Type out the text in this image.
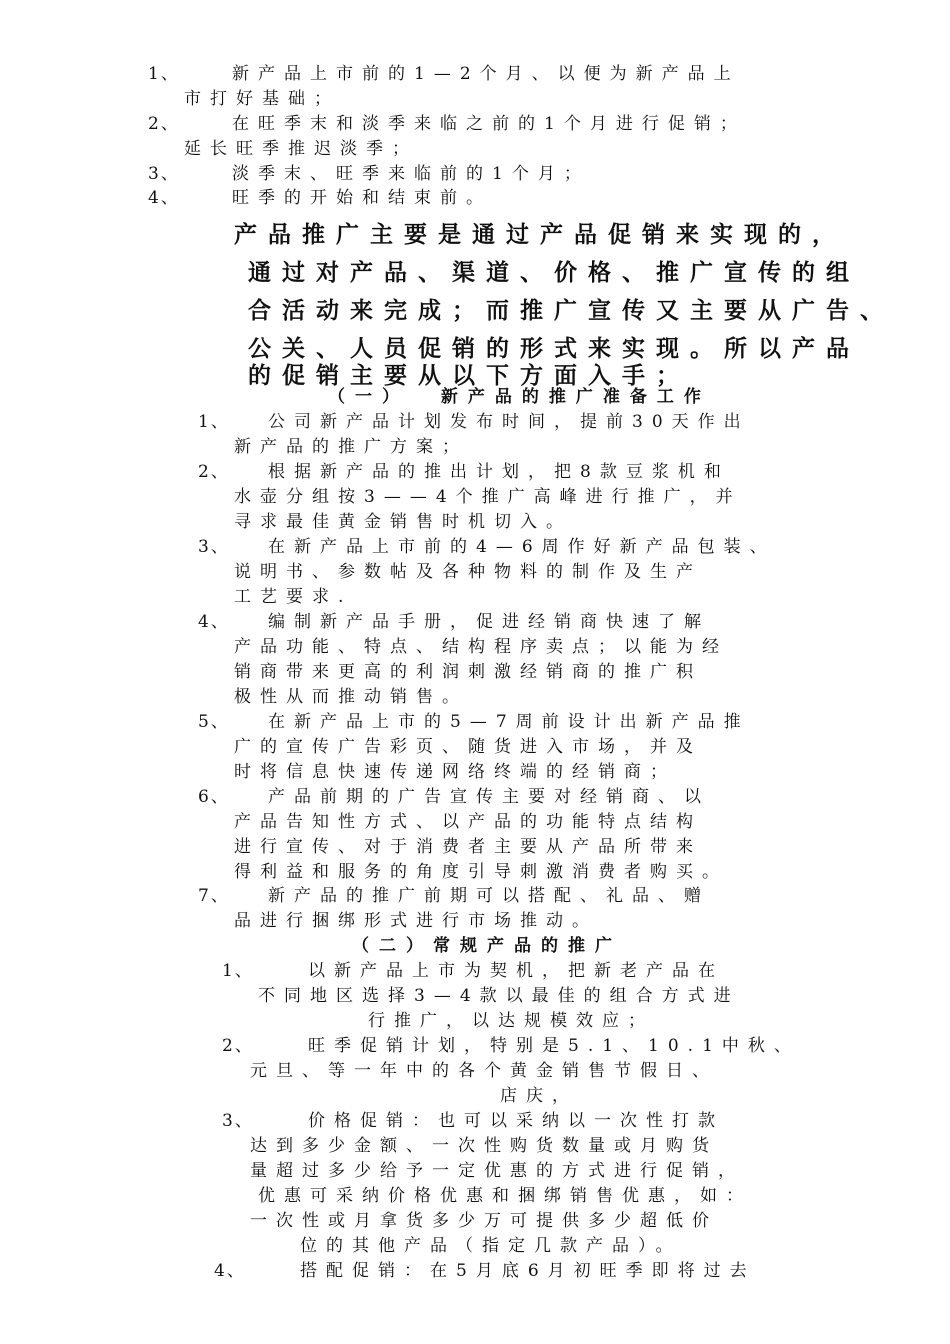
1、	新产品上市前的1—2个月、以便为新产品上
市打好基础；
2、	在旺季末和淡季来临之前的1个月进行促销；
延长旺季推迟淡季；
3、	淡季末、旺季来临前的1个月；
4、	旺季的开始和结束前。
产品推广主要是通过产品促销来实现的，
通过对产品、渠道、价格、推广宣传的组
合活动来完成；而推广宣传又主要从广告、
公关、人员促销的形式来实现。所以产品
的促销主要从以下方面入手；
（一）  新产品的推广准备工作
1、 公司新产品计划发布时间，提前30天作出
新产品的推广方案；
2、 根据新产品的推出计划，把8款豆浆机和
水壶分组按3——4个推广高峰进行推广，并
寻求最佳黄金销售时机切入。
3、 在新产品上市前的4—6周作好新产品包装、
说明书、参数帖及各种物料的制作及生产
工艺要求.
4、 编制新产品手册，促进经销商快速了解
产品功能、特点、结构程序卖点；以能为经
销商带来更高的利润刺激经销商的推广积
极性从而推动销售。
5、 在新产品上市的5—7周前设计出新产品推
广的宣传广告彩页、随货进入市场，并及
时将信息快速传递网络终端的经销商；
6、 产品前期的广告宣传主要对经销商、以
产品告知性方式、以产品的功能特点结构
进行宣传、对于消费者主要从产品所带来
得利益和服务的角度引导刺激消费者购买。
7、 新产品的推广前期可以搭配、礼品、赠
品进行捆绑形式进行市场推动。
（二）常规产品的推广
1、	以新产品上市为契机，把新老产品在
不同地区选择3—4款以最佳的组合方式进
行推广，以达规模效应；
2、	旺季促销计划，特别是5.1、10.1中秋、
元旦、等一年中的各个黄金销售节假日、
店庆，
3、	价格促销：也可以采纳以一次性打款
达到多少金额、一次性购货数量或月购货
量超过多少给予一定优惠的方式进行促销，
优惠可采纳价格优惠和捆绑销售优惠，如：
一次性或月拿货多少万可提供多少超低价
位的其他产品（指定几款产品）。
4、	搭配促销：在5月底6月初旺季即将过去
